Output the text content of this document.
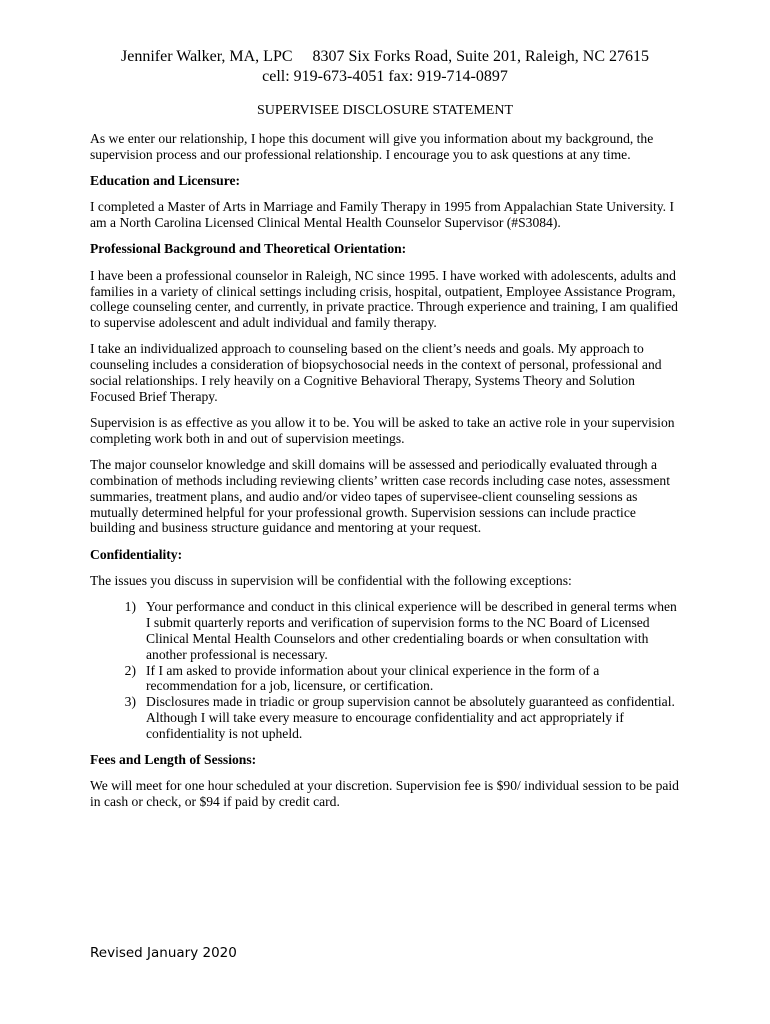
Jennifer Walker, MA, LPC 8307 Six Forks Road, Suite 201, Raleigh, NC 27615
cell: 919-673-4051 fax: 919-714-0897
SUPERVISEE DISCLOSURE STATEMENT

As we enter our relationship, I hope this document will give you information about my background, the supervision process and our professional relationship. I encourage you to ask questions at any time.

Education and Licensure:

I completed a Master of Arts in Marriage and Family Therapy in 1995 from Appalachian State University. I am a North Carolina Licensed Clinical Mental Health Counselor Supervisor (#S3084).

Professional Background and Theoretical Orientation:

I have been a professional counselor in Raleigh, NC since 1995. I have worked with adolescents, adults and families in a variety of clinical settings including crisis, hospital, outpatient, Employee Assistance Program, college counseling center, and currently, in private practice. Through experience and training, I am qualified to supervise adolescent and adult individual and family therapy.

I take an individualized approach to counseling based on the client’s needs and goals. My approach to counseling includes a consideration of biopsychosocial needs in the context of personal, professional and social relationships. I rely heavily on a Cognitive Behavioral Therapy, Systems Theory and Solution Focused Brief Therapy.

Supervision is as effective as you allow it to be. You will be asked to take an active role in your supervision completing work both in and out of supervision meetings.

The major counselor knowledge and skill domains will be assessed and periodically evaluated through a combination of methods including reviewing clients’ written case records including case notes, assessment summaries, treatment plans, and audio and/or video tapes of supervisee-client counseling sessions as mutually determined helpful for your professional growth. Supervision sessions can include practice building and business structure guidance and mentoring at your request.

Confidentiality:

The issues you discuss in supervision will be confidential with the following exceptions:

1) Your performance and conduct in this clinical experience will be described in general terms when I submit quarterly reports and verification of supervision forms to the NC Board of Licensed Clinical Mental Health Counselors and other credentialing boards or when consultation with another professional is necessary.
2) If I am asked to provide information about your clinical experience in the form of a recommendation for a job, licensure, or certification.
3) Disclosures made in triadic or group supervision cannot be absolutely guaranteed as confidential. Although I will take every measure to encourage confidentiality and act appropriately if confidentiality is not upheld.
Fees and Length of Sessions:

We will meet for one hour scheduled at your discretion. Supervision fee is $90/ individual session to be paid in cash or check, or $94 if paid by credit card.

Revised January 2020
